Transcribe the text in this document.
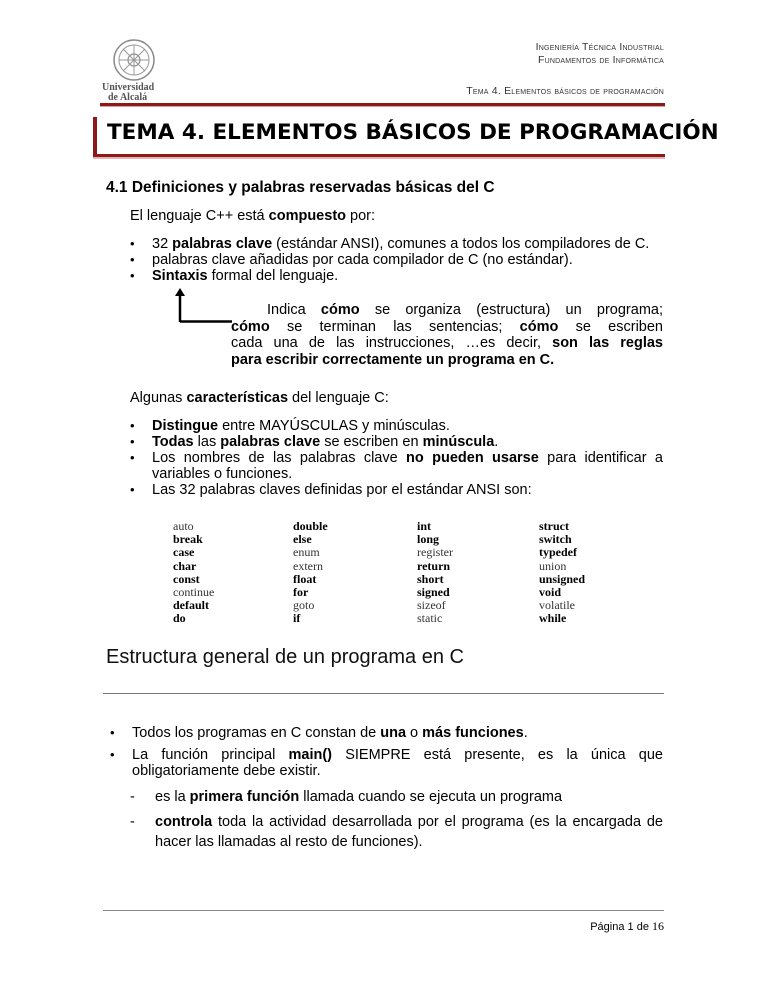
Universidad
de Alcalá
Ingeniería Técnica Industrial
Fundamentos de Informática
Tema 4. Elementos básicos de programación
TEMA 4. ELEMENTOS BÁSICOS DE PROGRAMACIÓN
4.1 Definiciones y palabras reservadas básicas del C
El lenguaje C++ está compuesto por:
• 32 palabras clave (estándar ANSI), comunes a todos los compiladores de C.
• palabras clave añadidas por cada compilador de C (no estándar).
• Sintaxis formal del lenguaje.
Indica cómo se organiza (estructura) un programa;
cómo se terminan las sentencias; cómo se escriben
cada una de las instrucciones, …es decir, son las reglas
para escribir correctamente un programa en C.
Algunas características del lenguaje C:
• Distingue entre MAYÚSCULAS y minúsculas.
• Todas las palabras clave se escriben en minúscula.
• Los nombres de las palabras clave no pueden usarse para identificar a variables o funciones.
• Las 32 palabras claves definidas por el estándar ANSI son:
auto
break
case
char
const
continue
default
do
double
else
enum
extern
float
for
goto
if
int
long
register
return
short
signed
sizeof
static
struct
switch
typedef
union
unsigned
void
volatile
while
Estructura general de un programa en C
• Todos los programas en C constan de una o más funciones.
• La función principal main() SIEMPRE está presente, es la única que obligatoriamente debe existir.
- es la primera función llamada cuando se ejecuta un programa
- controla toda la actividad desarrollada por el programa (es la encargada de hacer las llamadas al resto de funciones).
Página 1 de 16
